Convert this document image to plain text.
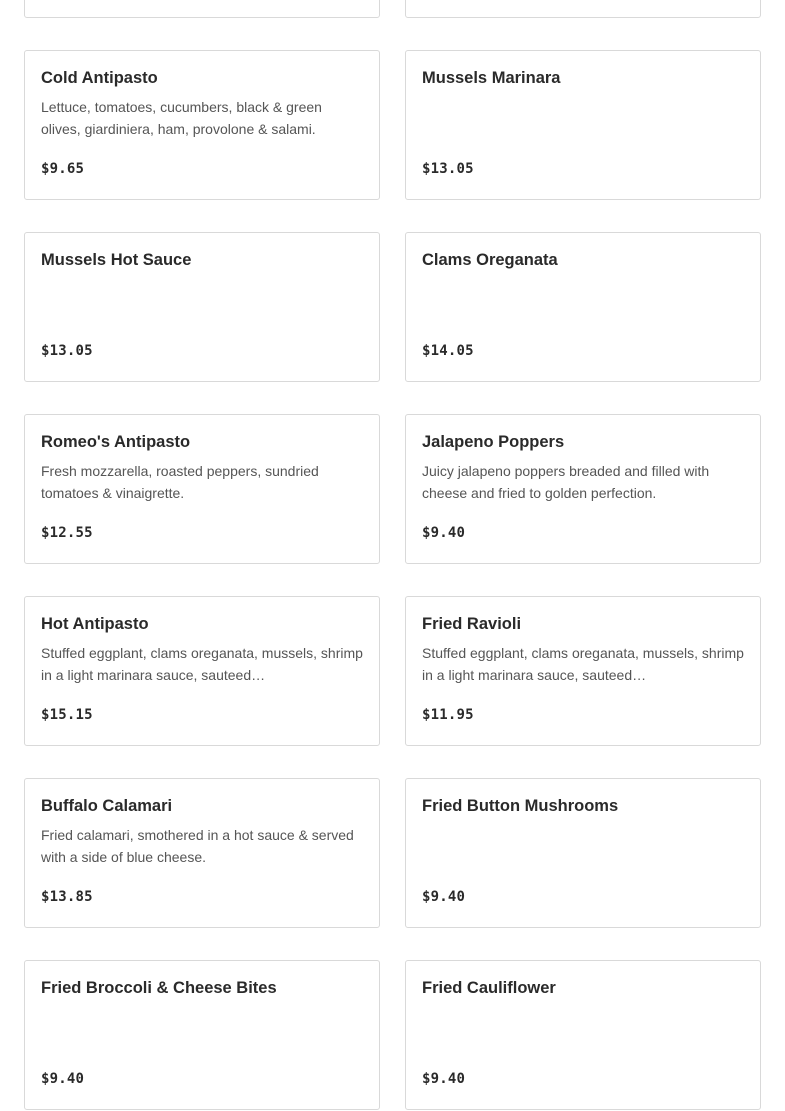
Cold Antipasto
Lettuce, tomatoes, cucumbers, black & green olives, giardiniera, ham, provolone & salami.
$9.65
Mussels Marinara
$13.05
Mussels Hot Sauce
$13.05
Clams Oreganata
$14.05
Romeo's Antipasto
Fresh mozzarella, roasted peppers, sundried tomatoes & vinaigrette.
$12.55
Jalapeno Poppers
Juicy jalapeno poppers breaded and filled with cheese and fried to golden perfection.
$9.40
Hot Antipasto
Stuffed eggplant, clams oreganata, mussels, shrimp in a light marinara sauce, sauteed…
$15.15
Fried Ravioli
Stuffed eggplant, clams oreganata, mussels, shrimp in a light marinara sauce, sauteed…
$11.95
Buffalo Calamari
Fried calamari, smothered in a hot sauce & served with a side of blue cheese.
$13.85
Fried Button Mushrooms
$9.40
Fried Broccoli & Cheese Bites
$9.40
Fried Cauliflower
$9.40
